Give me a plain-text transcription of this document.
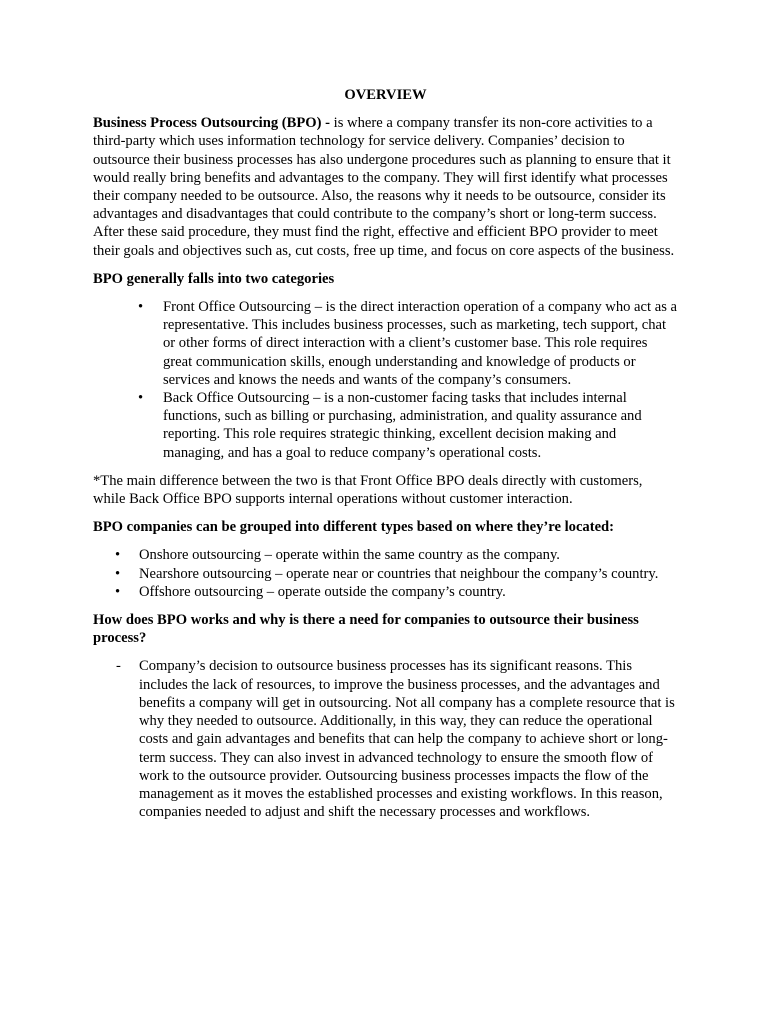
OVERVIEW

Business Process Outsourcing (BPO) - is where a company transfer its non-core activities to a third-party which uses information technology for service delivery. Companies’ decision to outsource their business processes has also undergone procedures such as planning to ensure that it would really bring benefits and advantages to the company. They will first identify what processes their company needed to be outsource. Also, the reasons why it needs to be outsource, consider its advantages and disadvantages that could contribute to the company’s short or long-term success. After these said procedure, they must find the right, effective and efficient BPO provider to meet their goals and objectives such as, cut costs, free up time, and focus on core aspects of the business.

BPO generally falls into two categories
• Front Office Outsourcing – is the direct interaction operation of a company who act as a representative. This includes business processes, such as marketing, tech support, chat or other forms of direct interaction with a client’s customer base. This role requires great communication skills, enough understanding and knowledge of products or services and knows the needs and wants of the company’s consumers.
• Back Office Outsourcing – is a non-customer facing tasks that includes internal functions, such as billing or purchasing, administration, and quality assurance and reporting. This role requires strategic thinking, excellent decision making and managing, and has a goal to reduce company’s operational costs.

*The main difference between the two is that Front Office BPO deals directly with customers, while Back Office BPO supports internal operations without customer interaction.

BPO companies can be grouped into different types based on where they’re located:
• Onshore outsourcing – operate within the same country as the company.
• Nearshore outsourcing – operate near or countries that neighbour the company’s country.
• Offshore outsourcing – operate outside the company’s country.
How does BPO works and why is there a need for companies to outsource their business process?
- Company’s decision to outsource business processes has its significant reasons. This includes the lack of resources, to improve the business processes, and the advantages and benefits a company will get in outsourcing. Not all company has a complete resource that is why they needed to outsource. Additionally, in this way, they can reduce the operational costs and gain advantages and benefits that can help the company to achieve short or long-term success. They can also invest in advanced technology to ensure the smooth flow of work to the outsource provider. Outsourcing business processes impacts the flow of the management as it moves the established processes and existing workflows. In this reason, companies needed to adjust and shift the necessary processes and workflows.
